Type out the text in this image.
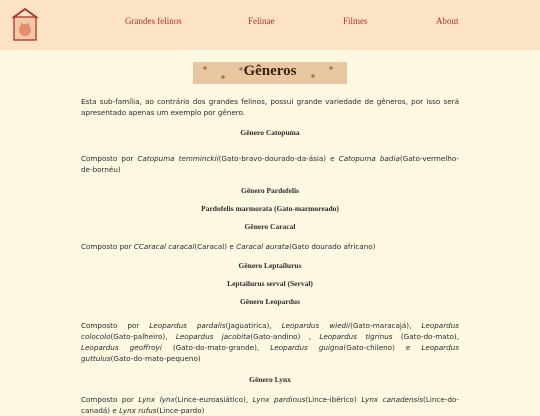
Grandes felinos	Felinae	Filmes	About
Gêneros

Esta sub-família, ao contrário dos grandes felinos, possui grande variedade de gêneros, por isso será apresentado apenas um exemplo por gênero.

Gênero Catopuma

Composto por Catopuma temminckii(Gato-bravo-dourado-da-ásia) e Catopuma badia(Gato-vermelho-de-bornéu)

Gênero Pardofelis

Pardofelis marmorata (Gato-marmoreado)

Gênero Caracal

Composto por CCaracal caracal(Caracal) e Caracal aurata(Gato dourado africano)

Gênero Leptailurus

Leptailurus serval (Serval)

Gênero Leopardus

Composto por Leopardus pardalis(Jaguatirica), Leopardus wiedii(Gato-maracajá), Leopardus colocolo(Gato-palheiro), Leopardus jacobita(Gato-andino) , Leopardus tigrinus (Gato-do-mato), Leopardus geoffroyi (Gato-do-mato-grande), Leopardus guigna(Gato-chileno) e Leopardus guttulus(Gato-do-mato-pequeno)

Gênero Lynx

Composto por Lynx lynx(Lince-euroasiático), Lynx pardinus(Lince-ibérico) Lynx canadensis(Lince-do-canadá) e Lynx rufus(Lince-pardo)
